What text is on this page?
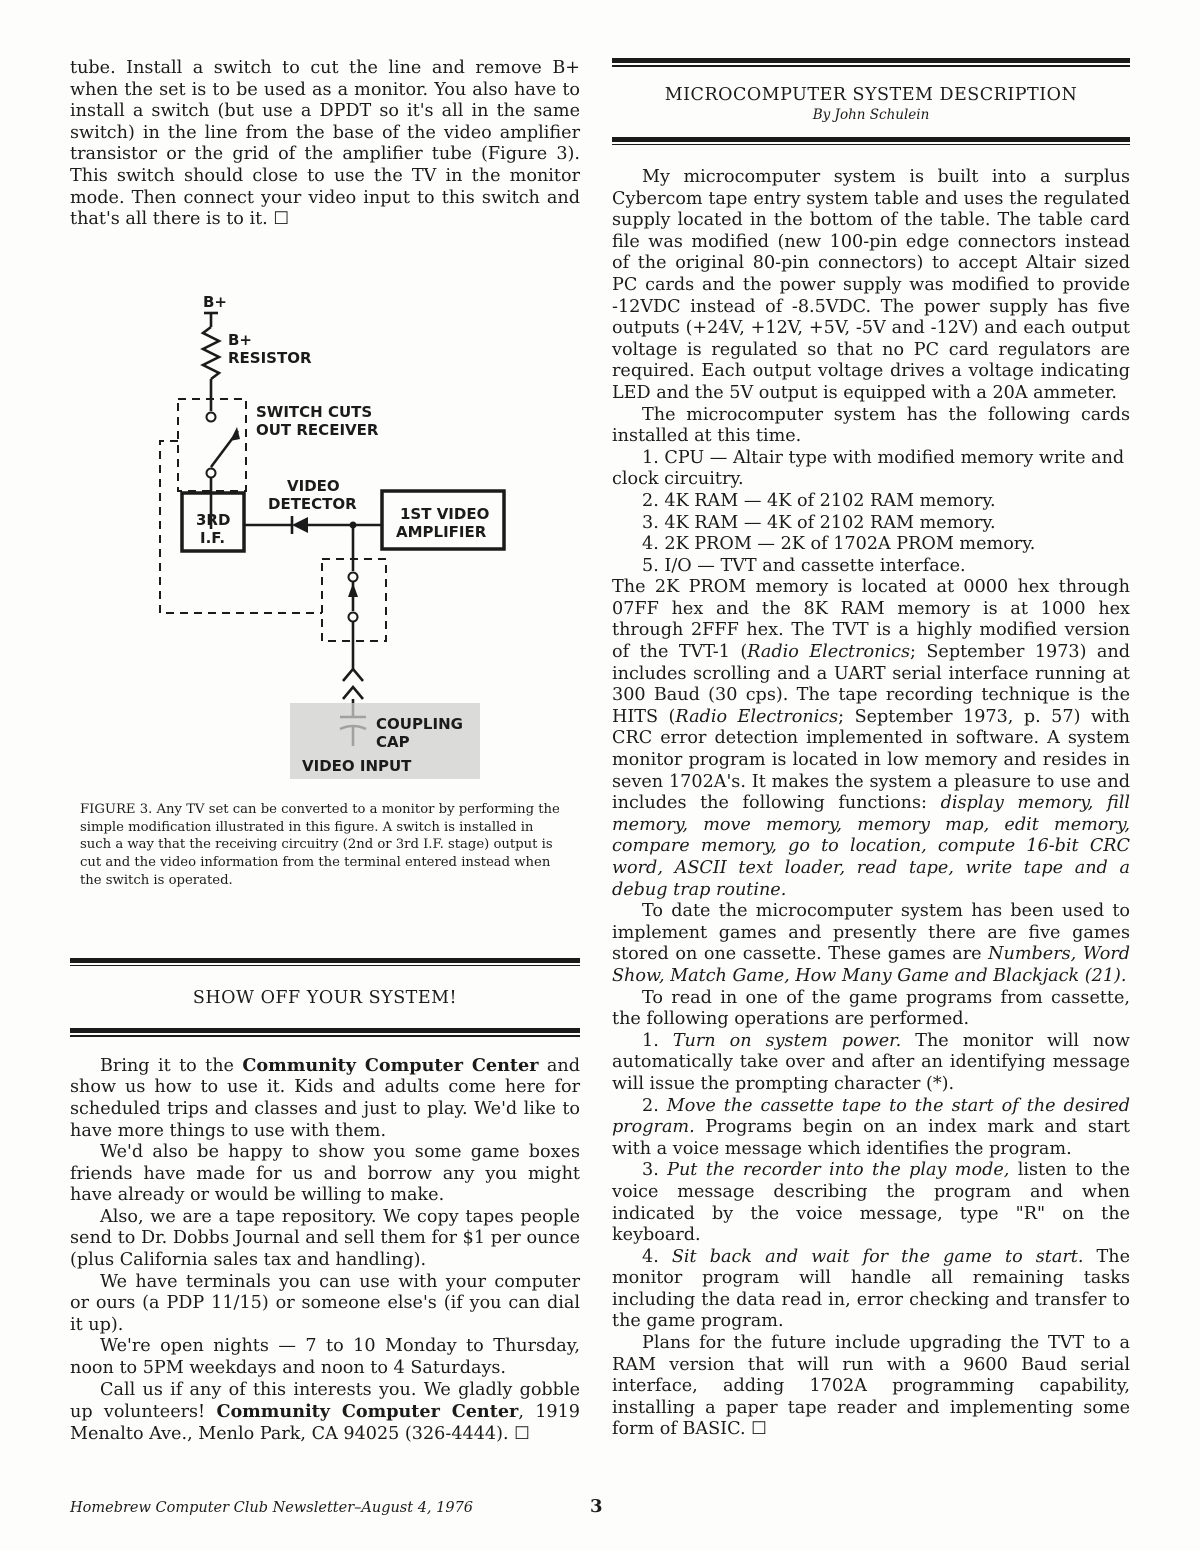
tube. Install a switch to cut the line and remove B+ when the set is to be used as a monitor. You also have to install a switch (but use a DPDT so it's all in the same switch) in the line from the base of the video amplifier transistor or the grid of the amplifier tube (Figure 3). This switch should close to use the TV in the monitor mode. Then connect your video input to this switch and that's all there is to it. ☐

B+
B+
RESISTOR
SWITCH CUTS
OUT RECEIVER
VIDEO
DETECTOR
3RD
I.F.
1ST VIDEO
AMPLIFIER
COUPLING
CAP
VIDEO INPUT

FIGURE 3. Any TV set can be converted to a monitor by performing the simple modification illustrated in this figure. A switch is installed in such a way that the receiving circuitry (2nd or 3rd I.F. stage) output is cut and the video information from the terminal entered instead when the switch is operated.

SHOW OFF YOUR SYSTEM!

Bring it to the Community Computer Center and show us how to use it. Kids and adults come here for scheduled trips and classes and just to play. We'd like to have more things to use with them.

We'd also be happy to show you some game boxes friends have made for us and borrow any you might have already or would be willing to make.

Also, we are a tape repository. We copy tapes people send to Dr. Dobbs Journal and sell them for $1 per ounce (plus California sales tax and handling).

We have terminals you can use with your computer or ours (a PDP 11/15) or someone else's (if you can dial it up).

We're open nights — 7 to 10 Monday to Thursday, noon to 5PM weekdays and noon to 4 Saturdays.

Call us if any of this interests you. We gladly gobble up volunteers! Community Computer Center, 1919 Menalto Ave., Menlo Park, CA 94025 (326-4444). ☐

MICROCOMPUTER SYSTEM DESCRIPTION
By John Schulein

My microcomputer system is built into a surplus Cybercom tape entry system table and uses the regulated supply located in the bottom of the table. The table card file was modified (new 100-pin edge connectors instead of the original 80-pin connectors) to accept Altair sized PC cards and the power supply was modified to provide -12VDC instead of -8.5VDC. The power supply has five outputs (+24V, +12V, +5V, -5V and -12V) and each output voltage is regulated so that no PC card regulators are required. Each output voltage drives a voltage indicating LED and the 5V output is equipped with a 20A ammeter.

The microcomputer system has the following cards installed at this time.

1. CPU — Altair type with modified memory write and clock circuitry.
2. 4K RAM — 4K of 2102 RAM memory.
3. 4K RAM — 4K of 2102 RAM memory.
4. 2K PROM — 2K of 1702A PROM memory.
5. I/O — TVT and cassette interface.

The 2K PROM memory is located at 0000 hex through 07FF hex and the 8K RAM memory is at 1000 hex through 2FFF hex. The TVT is a highly modified version of the TVT-1 (Radio Electronics; September 1973) and includes scrolling and a UART serial interface running at 300 Baud (30 cps). The tape recording technique is the HITS (Radio Electronics; September 1973, p. 57) with CRC error detection implemented in software. A system monitor program is located in low memory and resides in seven 1702A's. It makes the system a pleasure to use and includes the following functions: display memory, fill memory, move memory, memory map, edit memory, compare memory, go to location, compute 16-bit CRC word, ASCII text loader, read tape, write tape and a debug trap routine.

To date the microcomputer system has been used to implement games and presently there are five games stored on one cassette. These games are Numbers, Word Show, Match Game, How Many Game and Blackjack (21).

To read in one of the game programs from cassette, the following operations are performed.

1. Turn on system power. The monitor will now automatically take over and after an identifying message will issue the prompting character (*).

2. Move the cassette tape to the start of the desired program. Programs begin on an index mark and start with a voice message which identifies the program.

3. Put the recorder into the play mode, listen to the voice message describing the program and when indicated by the voice message, type "R" on the keyboard.

4. Sit back and wait for the game to start. The monitor program will handle all remaining tasks including the data read in, error checking and transfer to the game program.

Plans for the future include upgrading the TVT to a RAM version that will run with a 9600 Baud serial interface, adding 1702A programming capability, installing a paper tape reader and implementing some form of BASIC. ☐

Homebrew Computer Club Newsletter–August 4, 1976	3
